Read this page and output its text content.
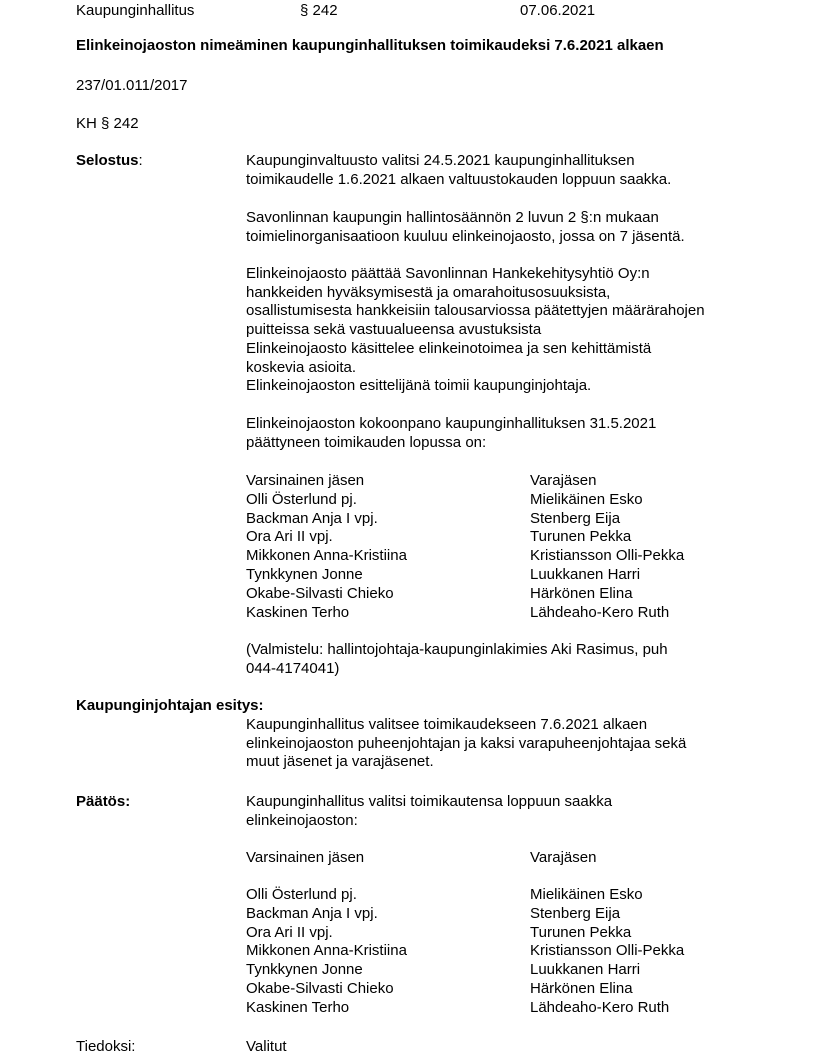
Kaupunginhallitus	§ 242	07.06.2021
Elinkeinojaoston nimeäminen kaupunginhallituksen toimikaudeksi 7.6.2021 alkaen
237/01.011/2017
KH § 242
Selostus:	Kaupunginvaltuusto valitsi 24.5.2021 kaupunginhallituksen
toimikaudelle 1.6.2021 alkaen valtuustokauden loppuun saakka.
Savonlinnan kaupungin hallintosäännön 2 luvun 2 §:n mukaan
toimielinorganisaatioon kuuluu elinkeinojaosto, jossa on 7 jäsentä.
Elinkeinojaosto päättää Savonlinnan Hankekehitysyhtiö Oy:n
hankkeiden hyväksymisestä ja omarahoitusosuuksista,
osallistumisesta hankkeisiin talousarviossa päätettyjen määrärahojen
puitteissa sekä vastuualueensa avustuksista
Elinkeinojaosto käsittelee elinkeinotoimea ja sen kehittämistä
koskevia asioita.
Elinkeinojaoston esittelijänä toimii kaupunginjohtaja.
Elinkeinojaoston kokoonpano kaupunginhallituksen 31.5.2021
päättyneen toimikauden lopussa on:
Varsinainen jäsen	Varajäsen
Olli Österlund pj.	Mielikäinen Esko
Backman Anja I vpj.	Stenberg Eija
Ora Ari II vpj.	Turunen Pekka
Mikkonen Anna-Kristiina	Kristiansson Olli-Pekka
Tynkkynen Jonne	Luukkanen Harri
Okabe-Silvasti Chieko	Härkönen Elina
Kaskinen Terho	Lähdeaho-Kero Ruth
(Valmistelu: hallintojohtaja-kaupunginlakimies Aki Rasimus, puh
044-4174041)
Kaupunginjohtajan esitys:
Kaupunginhallitus valitsee toimikaudekseen 7.6.2021 alkaen
elinkeinojaoston puheenjohtajan ja kaksi varapuheenjohtajaa sekä
muut jäsenet ja varajäsenet.
Päätös:	Kaupunginhallitus valitsi toimikautensa loppuun saakka
elinkeinojaoston:
Varsinainen jäsen	Varajäsen
Olli Österlund pj.	Mielikäinen Esko
Backman Anja I vpj.	Stenberg Eija
Ora Ari II vpj.	Turunen Pekka
Mikkonen Anna-Kristiina	Kristiansson Olli-Pekka
Tynkkynen Jonne	Luukkanen Harri
Okabe-Silvasti Chieko	Härkönen Elina
Kaskinen Terho	Lähdeaho-Kero Ruth
Tiedoksi:	Valitut
